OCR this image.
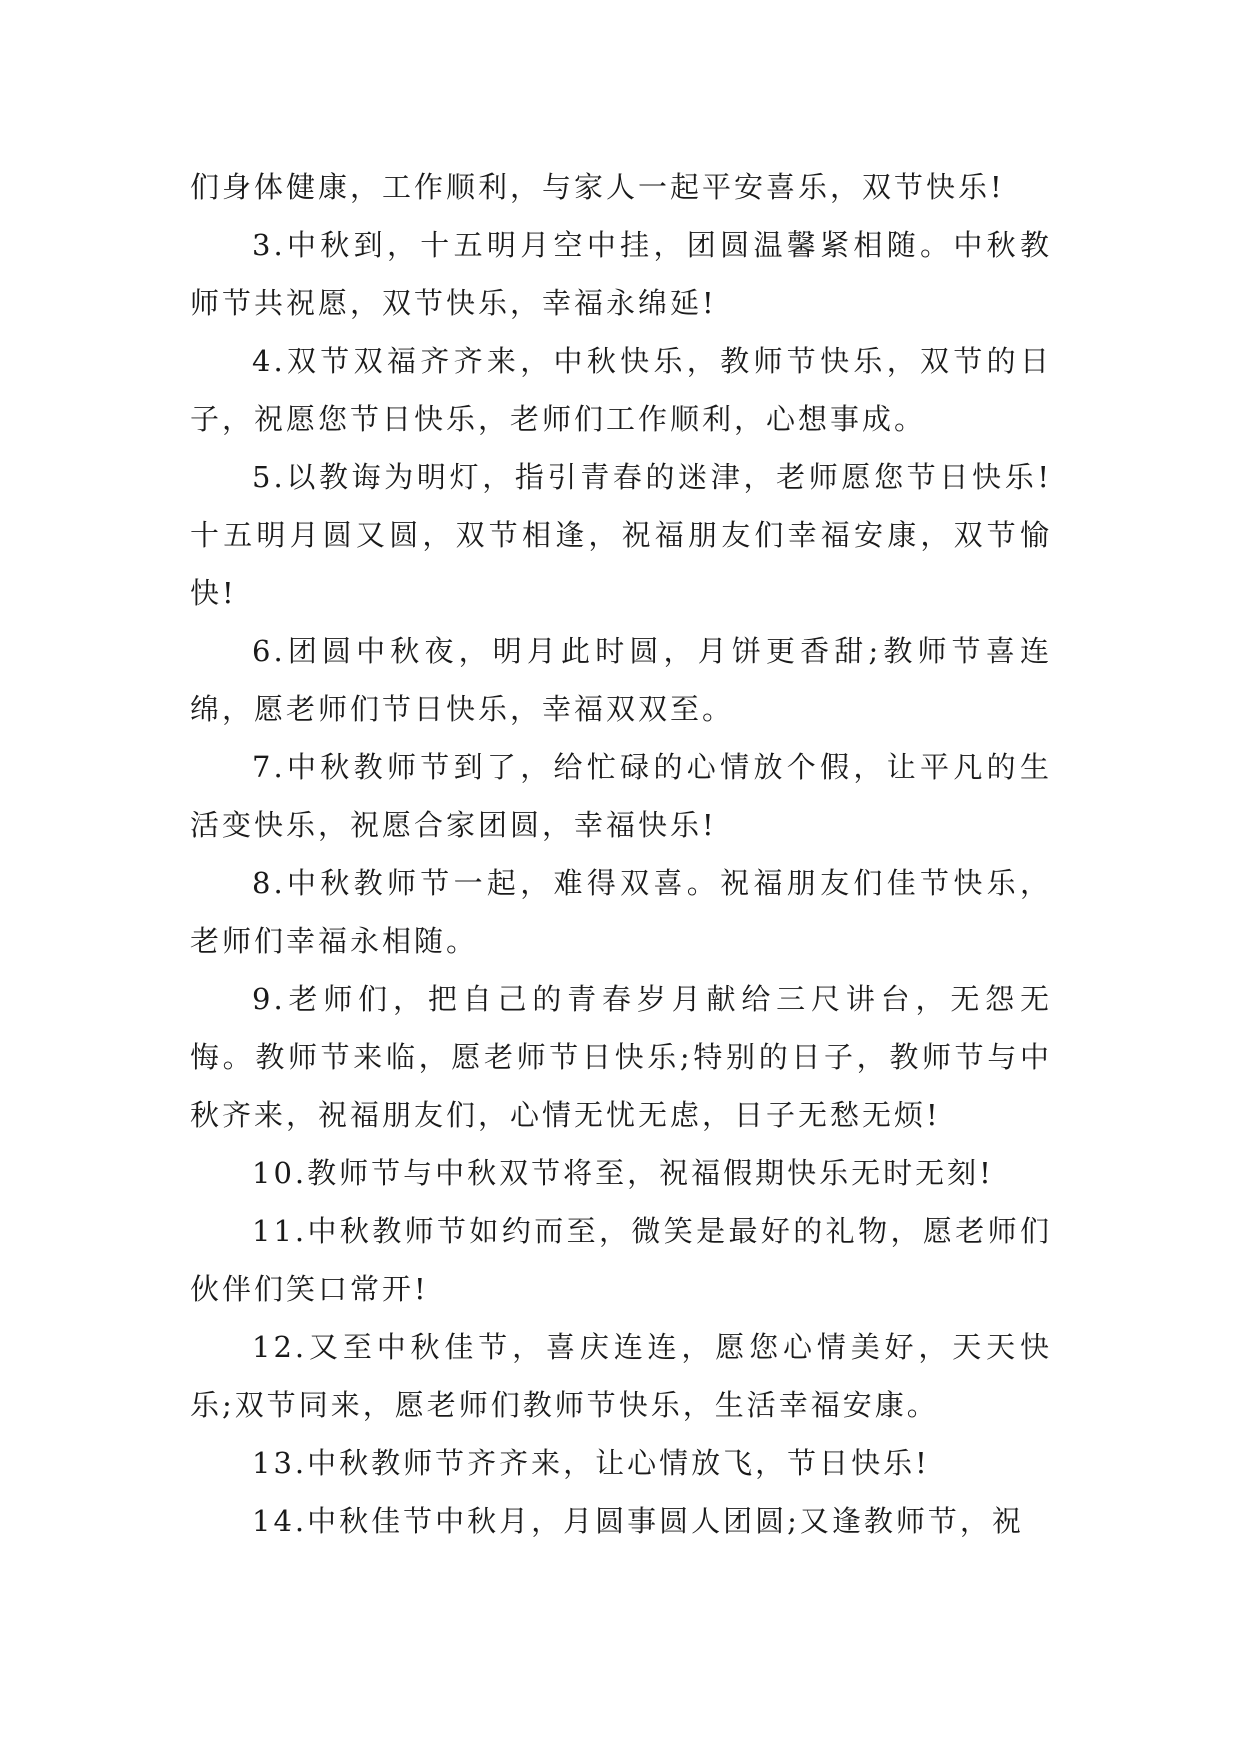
们身体健康，工作顺利，与家人一起平安喜乐，双节快乐!

3.中秋到，十五明月空中挂，团圆温馨紧相随。中秋教师节共祝愿，双节快乐，幸福永绵延!

4.双节双福齐齐来，中秋快乐，教师节快乐，双节的日子，祝愿您节日快乐，老师们工作顺利，心想事成。

5.以教诲为明灯，指引青春的迷津，老师愿您节日快乐!十五明月圆又圆，双节相逢，祝福朋友们幸福安康，双节愉快!

6.团圆中秋夜，明月此时圆，月饼更香甜;教师节喜连绵，愿老师们节日快乐，幸福双双至。

7.中秋教师节到了，给忙碌的心情放个假，让平凡的生活变快乐，祝愿合家团圆，幸福快乐!

8.中秋教师节一起，难得双喜。祝福朋友们佳节快乐，老师们幸福永相随。

9.老师们，把自己的青春岁月献给三尺讲台，无怨无悔。教师节来临，愿老师节日快乐;特别的日子，教师节与中秋齐来，祝福朋友们，心情无忧无虑，日子无愁无烦!

10.教师节与中秋双节将至，祝福假期快乐无时无刻!

11.中秋教师节如约而至，微笑是最好的礼物，愿老师们伙伴们笑口常开!

12.又至中秋佳节，喜庆连连，愿您心情美好，天天快乐;双节同来，愿老师们教师节快乐，生活幸福安康。

13.中秋教师节齐齐来，让心情放飞，节日快乐!

14.中秋佳节中秋月，月圆事圆人团圆;又逢教师节，祝
